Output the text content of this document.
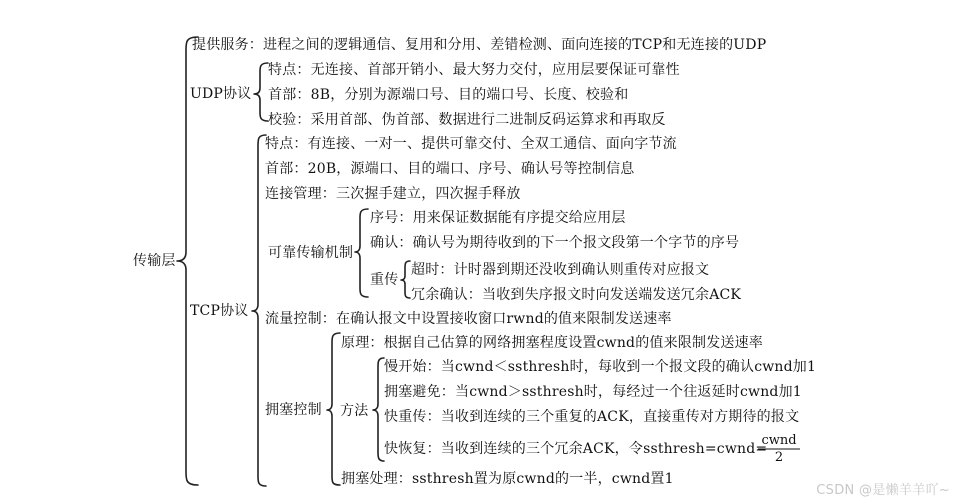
传输层
提供服务：进程之间的逻辑通信、复用和分用、差错检测、面向连接的TCP和无连接的UDP
UDP协议
特点：无连接、首部开销小、最大努力交付，应用层要保证可靠性
首部：8B，分别为源端口号、目的端口号、长度、校验和
校验：采用首部、伪首部、数据进行二进制反码运算求和再取反
TCP协议
特点：有连接、一对一、提供可靠交付、全双工通信、面向字节流
首部：20B，源端口、目的端口、序号、确认号等控制信息
连接管理：三次握手建立，四次握手释放
可靠传输机制
序号：用来保证数据能有序提交给应用层
确认：确认号为期待收到的下一个报文段第一个字节的序号
重传
超时：计时器到期还没收到确认则重传对应报文
冗余确认：当收到失序报文时向发送端发送冗余ACK
流量控制：在确认报文中设置接收窗口rwnd的值来限制发送速率
拥塞控制
原理：根据自己估算的网络拥塞程度设置cwnd的值来限制发送速率
方法
慢开始：当cwnd＜ssthresh时，每收到一个报文段的确认cwnd加1
拥塞避免：当cwnd＞ssthresh时，每经过一个往返延时cwnd加1
快重传：当收到连续的三个重复的ACK，直接重传对方期待的报文
快恢复：当收到连续的三个冗余ACK，令ssthresh=cwnd=
cwnd
2
拥塞处理：ssthresh置为原cwnd的一半，cwnd置1
CSDN @是懒羊羊吖~
